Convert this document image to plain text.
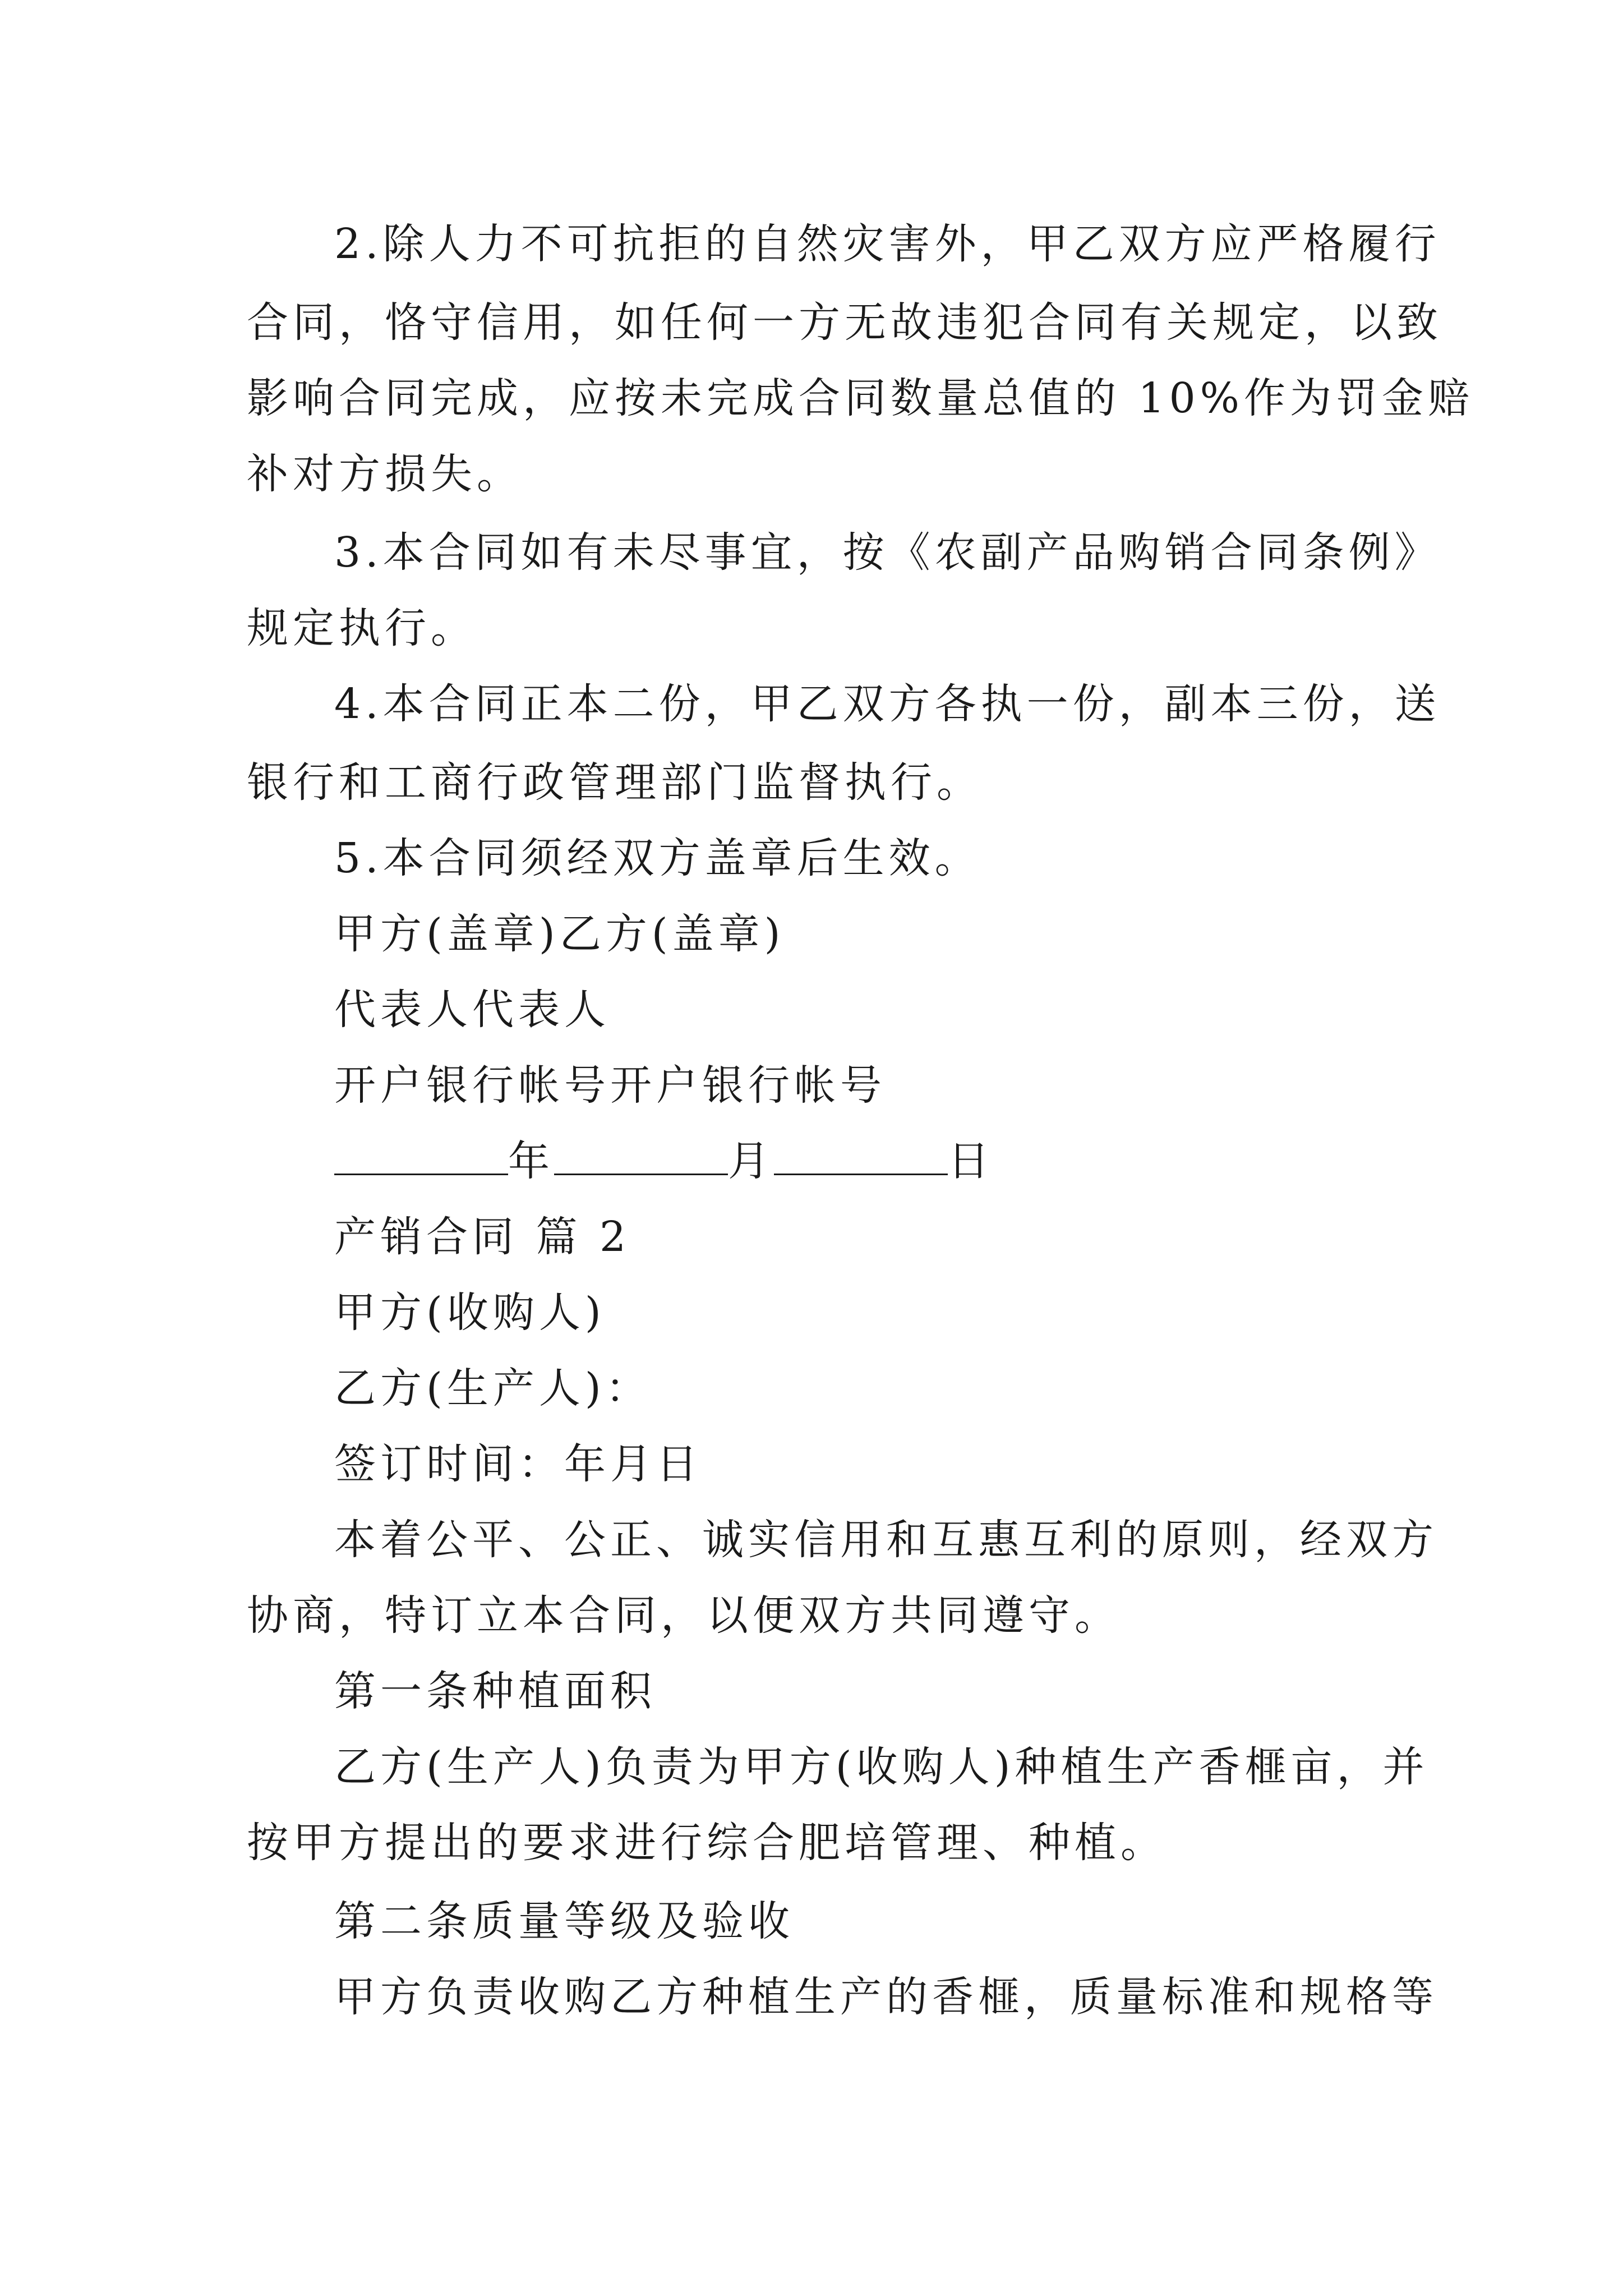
2.除人力不可抗拒的自然灾害外，甲乙双方应严格履行
合同，恪守信用，如任何一方无故违犯合同有关规定，以致
影响合同完成，应按未完成合同数量总值的 10%作为罚金赔
补对方损失。
3.本合同如有未尽事宜，按《农副产品购销合同条例》
规定执行。
4.本合同正本二份，甲乙双方各执一份，副本三份，送
银行和工商行政管理部门监督执行。
5.本合同须经双方盖章后生效。
甲方(盖章)乙方(盖章)
代表人代表人
开户银行帐号开户银行帐号
年	月	日
产销合同 篇 2
甲方(收购人)
乙方(生产人)：
签订时间：年月日
本着公平、公正、诚实信用和互惠互利的原则，经双方
协商，特订立本合同，以便双方共同遵守。
第一条种植面积
乙方(生产人)负责为甲方(收购人)种植生产香榧亩，并
按甲方提出的要求进行综合肥培管理、种植。
第二条质量等级及验收
甲方负责收购乙方种植生产的香榧，质量标准和规格等
